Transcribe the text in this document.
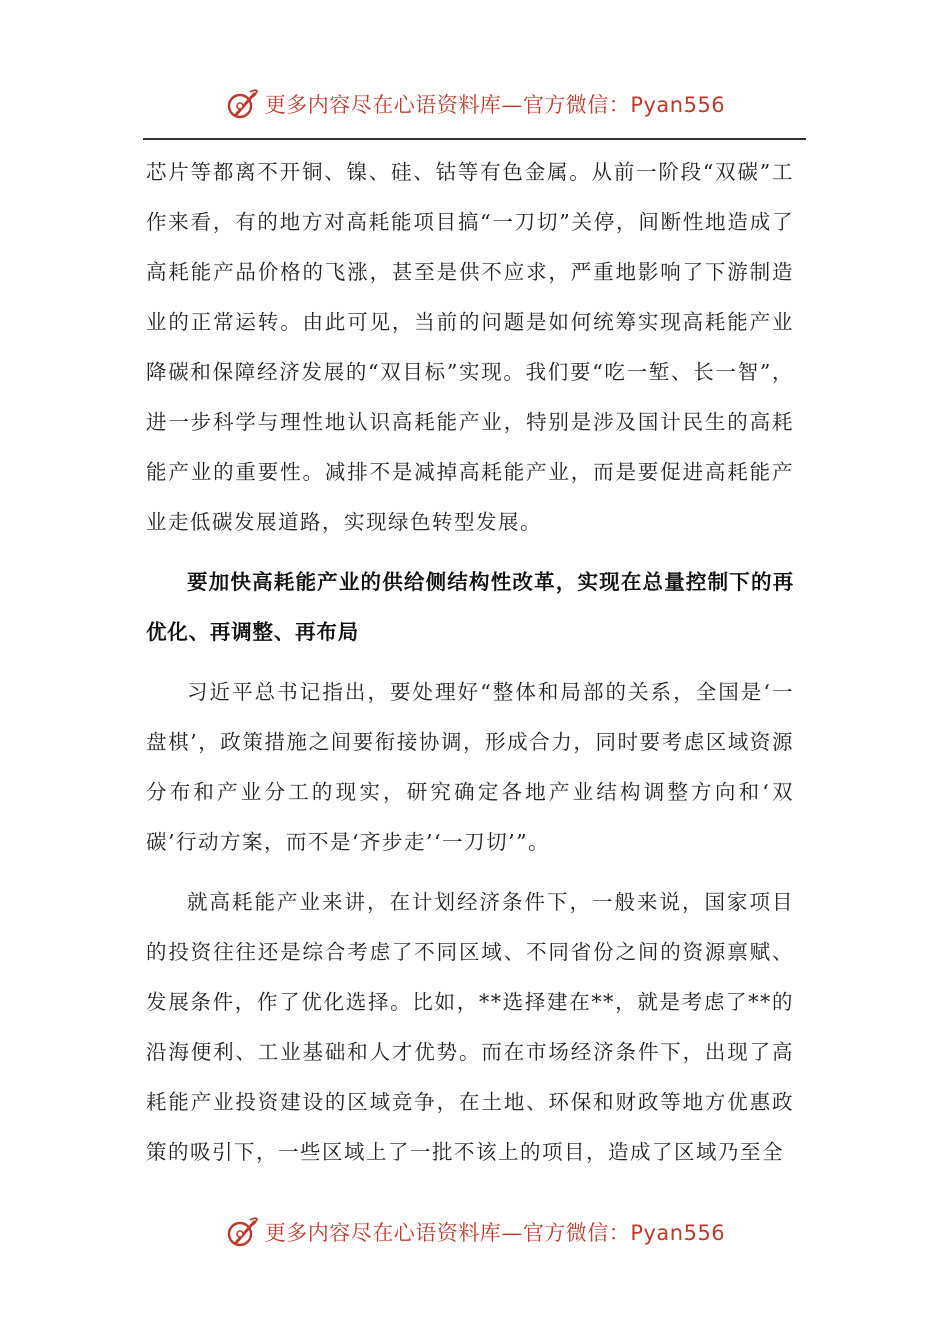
更多内容尽在心语资料库—官方微信：Pyan556

芯片等都离不开铜、镍、硅、钴等有色金属。从前一阶段“双碳”工作来看，有的地方对高耗能项目搞“一刀切”关停，间断性地造成了高耗能产品价格的飞涨，甚至是供不应求，严重地影响了下游制造业的正常运转。由此可见，当前的问题是如何统筹实现高耗能产业降碳和保障经济发展的“双目标”实现。我们要“吃一堑、长一智”，进一步科学与理性地认识高耗能产业，特别是涉及国计民生的高耗能产业的重要性。减排不是减掉高耗能产业，而是要促进高耗能产业走低碳发展道路，实现绿色转型发展。

要加快高耗能产业的供给侧结构性改革，实现在总量控制下的再优化、再调整、再布局

习近平总书记指出，要处理好“整体和局部的关系，全国是‘一盘棋’，政策措施之间要衔接协调，形成合力，同时要考虑区域资源分布和产业分工的现实，研究确定各地产业结构调整方向和‘双碳’行动方案，而不是‘齐步走’‘一刀切’”。

就高耗能产业来讲，在计划经济条件下，一般来说，国家项目的投资往往还是综合考虑了不同区域、不同省份之间的资源禀赋、发展条件，作了优化选择。比如，**选择建在**，就是考虑了**的沿海便利、工业基础和人才优势。而在市场经济条件下，出现了高耗能产业投资建设的区域竞争，在土地、环保和财政等地方优惠政策的吸引下，一些区域上了一批不该上的项目，造成了区域乃至全

更多内容尽在心语资料库—官方微信：Pyan556
